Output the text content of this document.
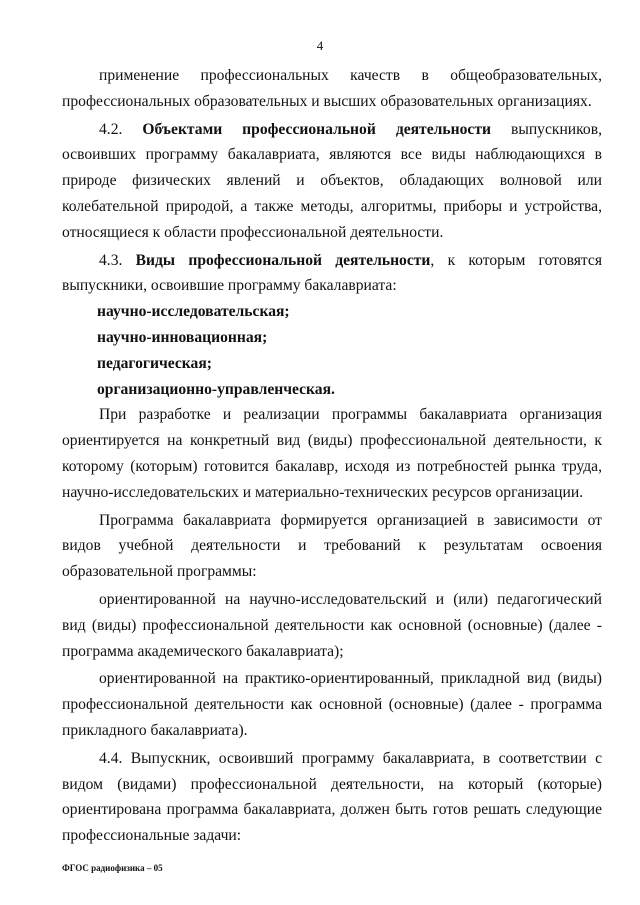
4

применение профессиональных качеств в общеобразовательных, профессиональных образовательных и высших образовательных организациях.

4.2. Объектами профессиональной деятельности выпускников, освоивших программу бакалавриата, являются все виды наблюдающихся в природе физических явлений и объектов, обладающих волновой или колебательной природой, а также методы, алгоритмы, приборы и устройства, относящиеся к области профессиональной деятельности.

4.3. Виды профессиональной деятельности, к которым готовятся выпускники, освоившие программу бакалавриата:

научно-исследовательская;

научно-инновационная;

педагогическая;

организационно-управленческая.

При разработке и реализации программы бакалавриата организация ориентируется на конкретный вид (виды) профессиональной деятельности, к которому (которым) готовится бакалавр, исходя из потребностей рынка труда, научно-исследовательских и материально-технических ресурсов организации.

Программа бакалавриата формируется организацией в зависимости от видов учебной деятельности и требований к результатам освоения образовательной программы:

ориентированной на научно-исследовательский и (или) педагогический вид (виды) профессиональной деятельности как основной (основные) (далее - программа академического бакалавриата);

ориентированной на практико-ориентированный, прикладной вид (виды) профессиональной деятельности как основной (основные) (далее - программа прикладного бакалавриата).

4.4. Выпускник, освоивший программу бакалавриата, в соответствии с видом (видами) профессиональной деятельности, на который (которые) ориентирована программа бакалавриата, должен быть готов решать следующие профессиональные задачи:

ФГОС радиофизика – 05
